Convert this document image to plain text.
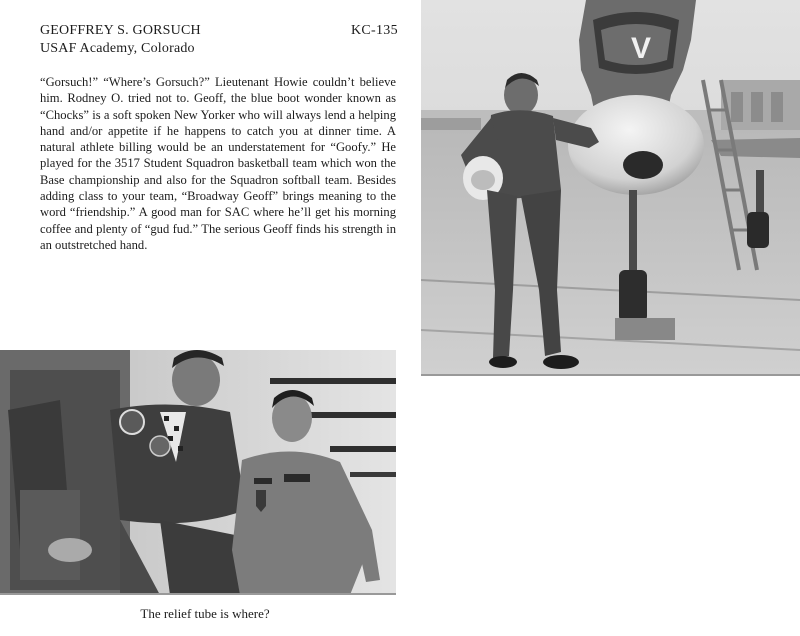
GEOFFREY S. GORSUCH
USAF Academy, Colorado
KC-135

“Gorsuch!” “Where’s Gorsuch?” Lieutenant Howie couldn’t believe him. Rodney O. tried not to. Geoff, the blue boot wonder known as “Chocks” is a soft spoken New Yorker who will always lend a helping hand and/or appetite if he happens to catch you at dinner time. A natural athlete billing would be an understatement for “Goofy.” He played for the 3517 Student Squadron basketball team which won the Base championship and also for the Squadron softball team. Besides adding class to your team, “Broadway Geoff” brings meaning to the word “friendship.” A good man for SAC where he’ll get his morning coffee and plenty of “gud fud.” The serious Geoff finds his strength in an outstretched hand.

V
The relief tube is where?
